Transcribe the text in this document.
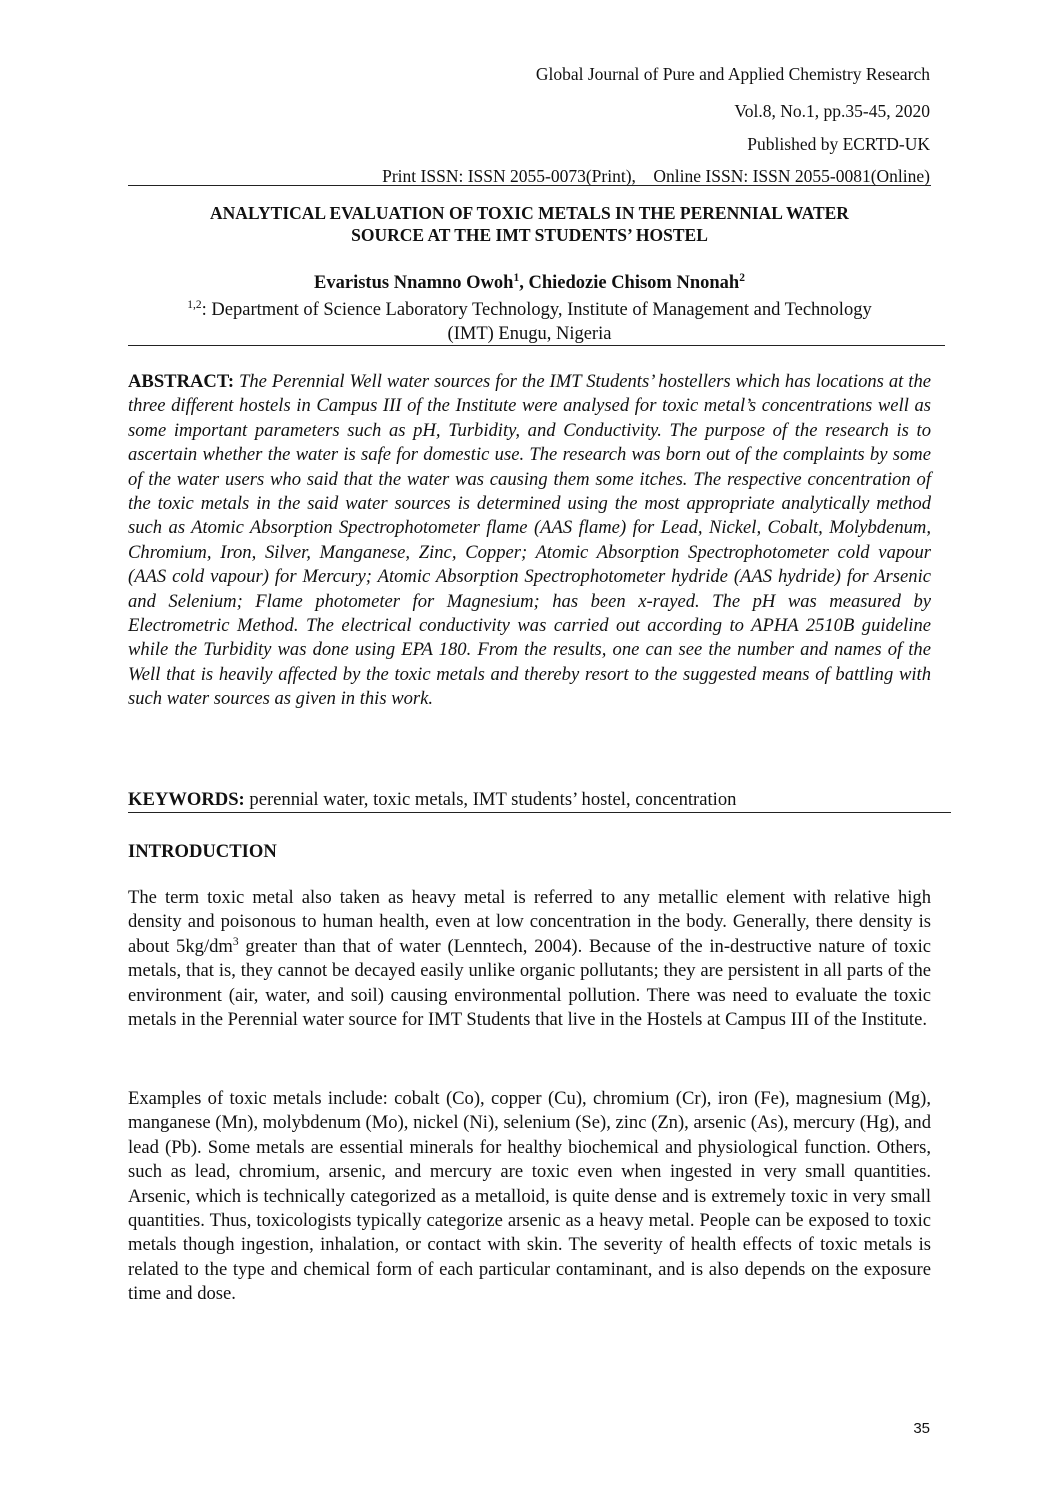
Global Journal of Pure and Applied Chemistry Research
Vol.8, No.1, pp.35-45, 2020
Published by ECRTD-UK
Print ISSN: ISSN 2055-0073(Print),    Online ISSN: ISSN 2055-0081(Online)
ANALYTICAL EVALUATION OF TOXIC METALS IN THE PERENNIAL WATER
SOURCE AT THE IMT STUDENTS’ HOSTEL
Evaristus Nnamno Owoh$^1$, Chiedozie Chisom Nnonah$^2$
$^{1,2}$: Department of Science Laboratory Technology, Institute of Management and Technology
(IMT) Enugu, Nigeria
ABSTRACT: The Perennial Well water sources for the IMT Students’ hostellers which has locations at the three different hostels in Campus III of the Institute were analysed for toxic metal’s concentrations well as some important parameters such as pH, Turbidity, and Conductivity. The purpose of the research is to ascertain whether the water is safe for domestic use. The research was born out of the complaints by some of the water users who said that the water was causing them some itches. The respective concentration of the toxic metals in the said water sources is determined using the most appropriate analytically method such as Atomic Absorption Spectrophotometer flame (AAS flame) for Lead, Nickel, Cobalt, Molybdenum, Chromium, Iron, Silver, Manganese, Zinc, Copper; Atomic Absorption Spectrophotometer cold vapour (AAS cold vapour) for Mercury; Atomic Absorption Spectrophotometer hydride (AAS hydride) for Arsenic and Selenium; Flame photometer for Magnesium; has been x-rayed. The pH was measured by Electrometric Method. The electrical conductivity was carried out according to APHA 2510B guideline while the Turbidity was done using EPA 180. From the results, one can see the number and names of the Well that is heavily affected by the toxic metals and thereby resort to the suggested means of battling with such water sources as given in this work.
KEYWORDS: perennial water, toxic metals, IMT students’ hostel, concentration
INTRODUCTION
The term toxic metal also taken as heavy metal is referred to any metallic element with relative high density and poisonous to human health, even at low concentration in the body. Generally, there density is about $5kg/dm^3$ greater than that of water (Lenntech, 2004). Because of the in-destructive nature of toxic metals, that is, they cannot be decayed easily unlike organic pollutants; they are persistent in all parts of the environment (air, water, and soil) causing environmental pollution. There was need to evaluate the toxic metals in the Perennial water source for IMT Students that live in the Hostels at Campus III of the Institute.
Examples of toxic metals include: cobalt (Co), copper (Cu), chromium (Cr), iron (Fe), magnesium (Mg), manganese (Mn), molybdenum (Mo), nickel (Ni), selenium (Se), zinc (Zn), arsenic (As), mercury (Hg), and lead (Pb). Some metals are essential minerals for healthy biochemical and physiological function. Others, such as lead, chromium, arsenic, and mercury are toxic even when ingested in very small quantities. Arsenic, which is technically categorized as a metalloid, is quite dense and is extremely toxic in very small quantities. Thus, toxicologists typically categorize arsenic as a heavy metal. People can be exposed to toxic metals though ingestion, inhalation, or contact with skin. The severity of health effects of toxic metals is related to the type and chemical form of each particular contaminant, and is also depends on the exposure time and dose.
35
